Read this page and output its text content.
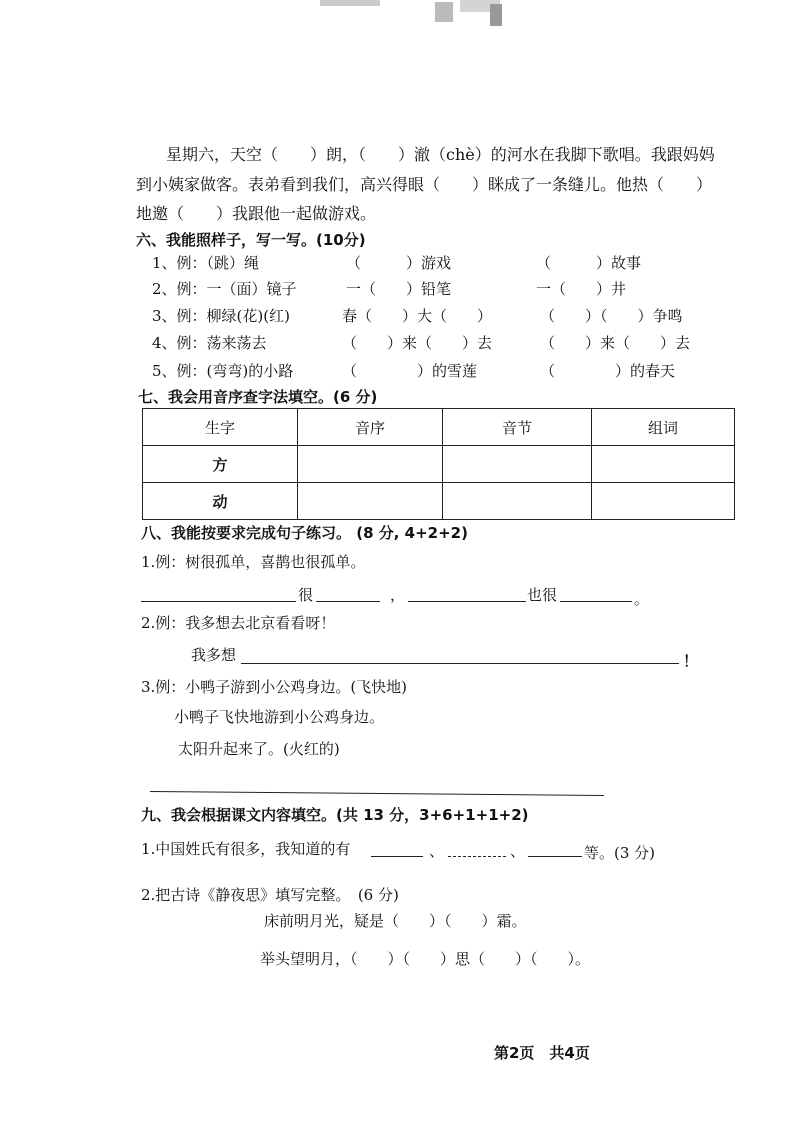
星期六，天空（　　）朗，（　　）澈（chè）的河水在我脚下歌唱。我跟妈妈
到小姨家做客。表弟看到我们，高兴得眼（　　）眯成了一条缝儿。他热（　　）
地邀（　　）我跟他一起做游戏。
六、我能照样子，写一写。(10分)
1、例：（跳）绳	（　　　）游戏	（　　　）故事
2、例：一（面）镜子	一（　　）铅笔	一（　　）井
3、例：柳绿(花)(红)	春（　　）大（　　）	（　　）（　　）争鸣
4、例：荡来荡去	（　　）来（　　）去	（　　）来（　　）去
5、例：(弯弯)的小路	（　　　　）的雪莲	（　　　　）的春天
七、我会用音序查字法填空。(6 分)
生字	音序	音节	组词
方			
动			
八、我能按要求完成句子练习。 (8 分, 4+2+2)
1.例：树很孤单，喜鹊也很孤单。
很	，	也很	。
2.例：我多想去北京看看呀！
我多想	！
3.例：小鸭子游到小公鸡身边。(飞快地)
小鸭子飞快地游到小公鸡身边。
太阳升起来了。(火红的)
九、我会根据课文内容填空。(共 13 分，3+6+1+1+2)
1.中国姓氏有很多，我知道的有	、	、	等。(3 分)
2.把古诗《静夜思》填写完整。　(6 分)
床前明月光，疑是（　　）（　　）霜。
举头望明月，（　　）（　　）思（　　）（　　）。
第2页　共4页
